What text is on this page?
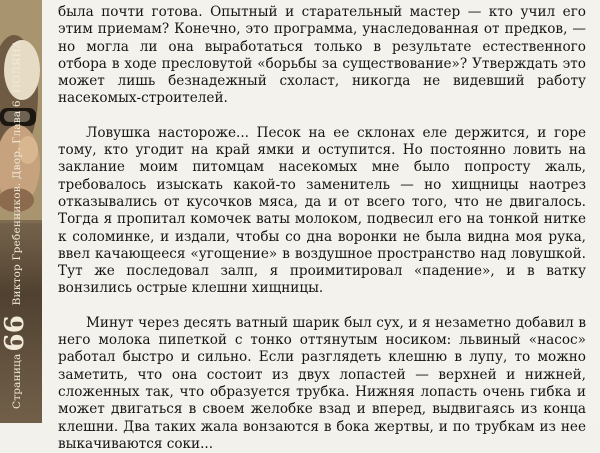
Страница66 Виктор Гребенников. Двор. Глава 6. ПОЛЯНА

была почти готова. Опытный и старательный мастер — кто учил его этим приемам? Конечно, это программа, унаследованная от предков, — но могла ли она выработаться только в результате естественного отбора в ходе пресловутой «борьбы за существование»? Утверждать это может лишь безнадежный схоласт, никогда не видевший работу насекомых-строителей.

Ловушка настороже... Песок на ее склонах еле держится, и горе тому, кто угодит на край ямки и оступится. Но постоянно ловить на заклание моим питомцам насекомых мне было попросту жаль, требовалось изыскать какой-то заменитель — но хищницы наотрез отказывались от кусочков мяса, да и от всего того, что не двигалось. Тогда я пропитал комочек ваты молоком, подвесил его на тонкой нитке к соломинке, и издали, чтобы со дна воронки не была видна моя рука, ввел качающееся «угощение» в воздушное пространство над ловушкой. Тут же последовал залп, я проимитировал «падение», и в ватку вонзились острые клешни хищницы.

Минут через десять ватный шарик был сух, и я незаметно добавил в него молока пипеткой с тонко оттянутым носиком: львиный «насос» работал быстро и сильно. Если разглядеть клешню в лупу, то можно заметить, что она состоит из двух лопастей — верхней и нижней, сложенных так, что образуется трубка. Нижняя лопасть очень гибка и может двигаться в своем желобке взад и вперед, выдвигаясь из конца клешни. Два таких жала вонзаются в бока жертвы, и по трубкам из нее выкачиваются соки...
